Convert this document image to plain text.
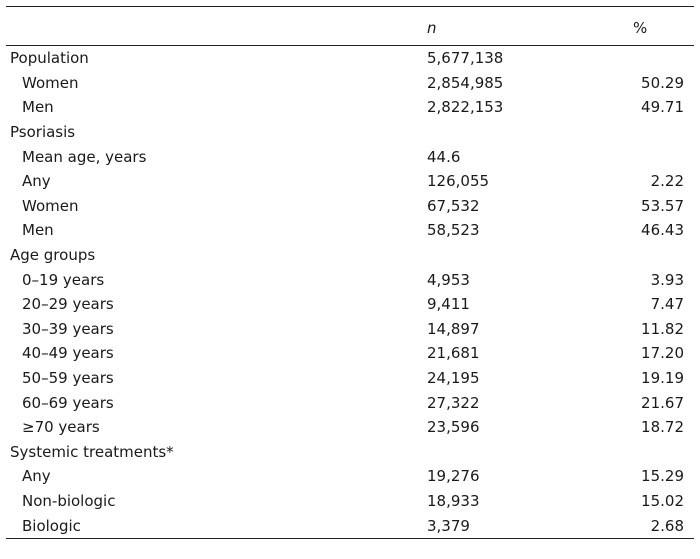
	n	%
Population	5,677,138	
Women	2,854,985	50.29
Men	2,822,153	49.71
Psoriasis		
Mean age, years	44.6	
Any	126,055	2.22
Women	67,532	53.57
Men	58,523	46.43
Age groups		
0–19 years	4,953	3.93
20–29 years	9,411	7.47
30–39 years	14,897	11.82
40–49 years	21,681	17.20
50–59 years	24,195	19.19
60–69 years	27,322	21.67
≥70 years	23,596	18.72
Systemic treatments*		
Any	19,276	15.29
Non-biologic	18,933	15.02
Biologic	3,379	2.68
